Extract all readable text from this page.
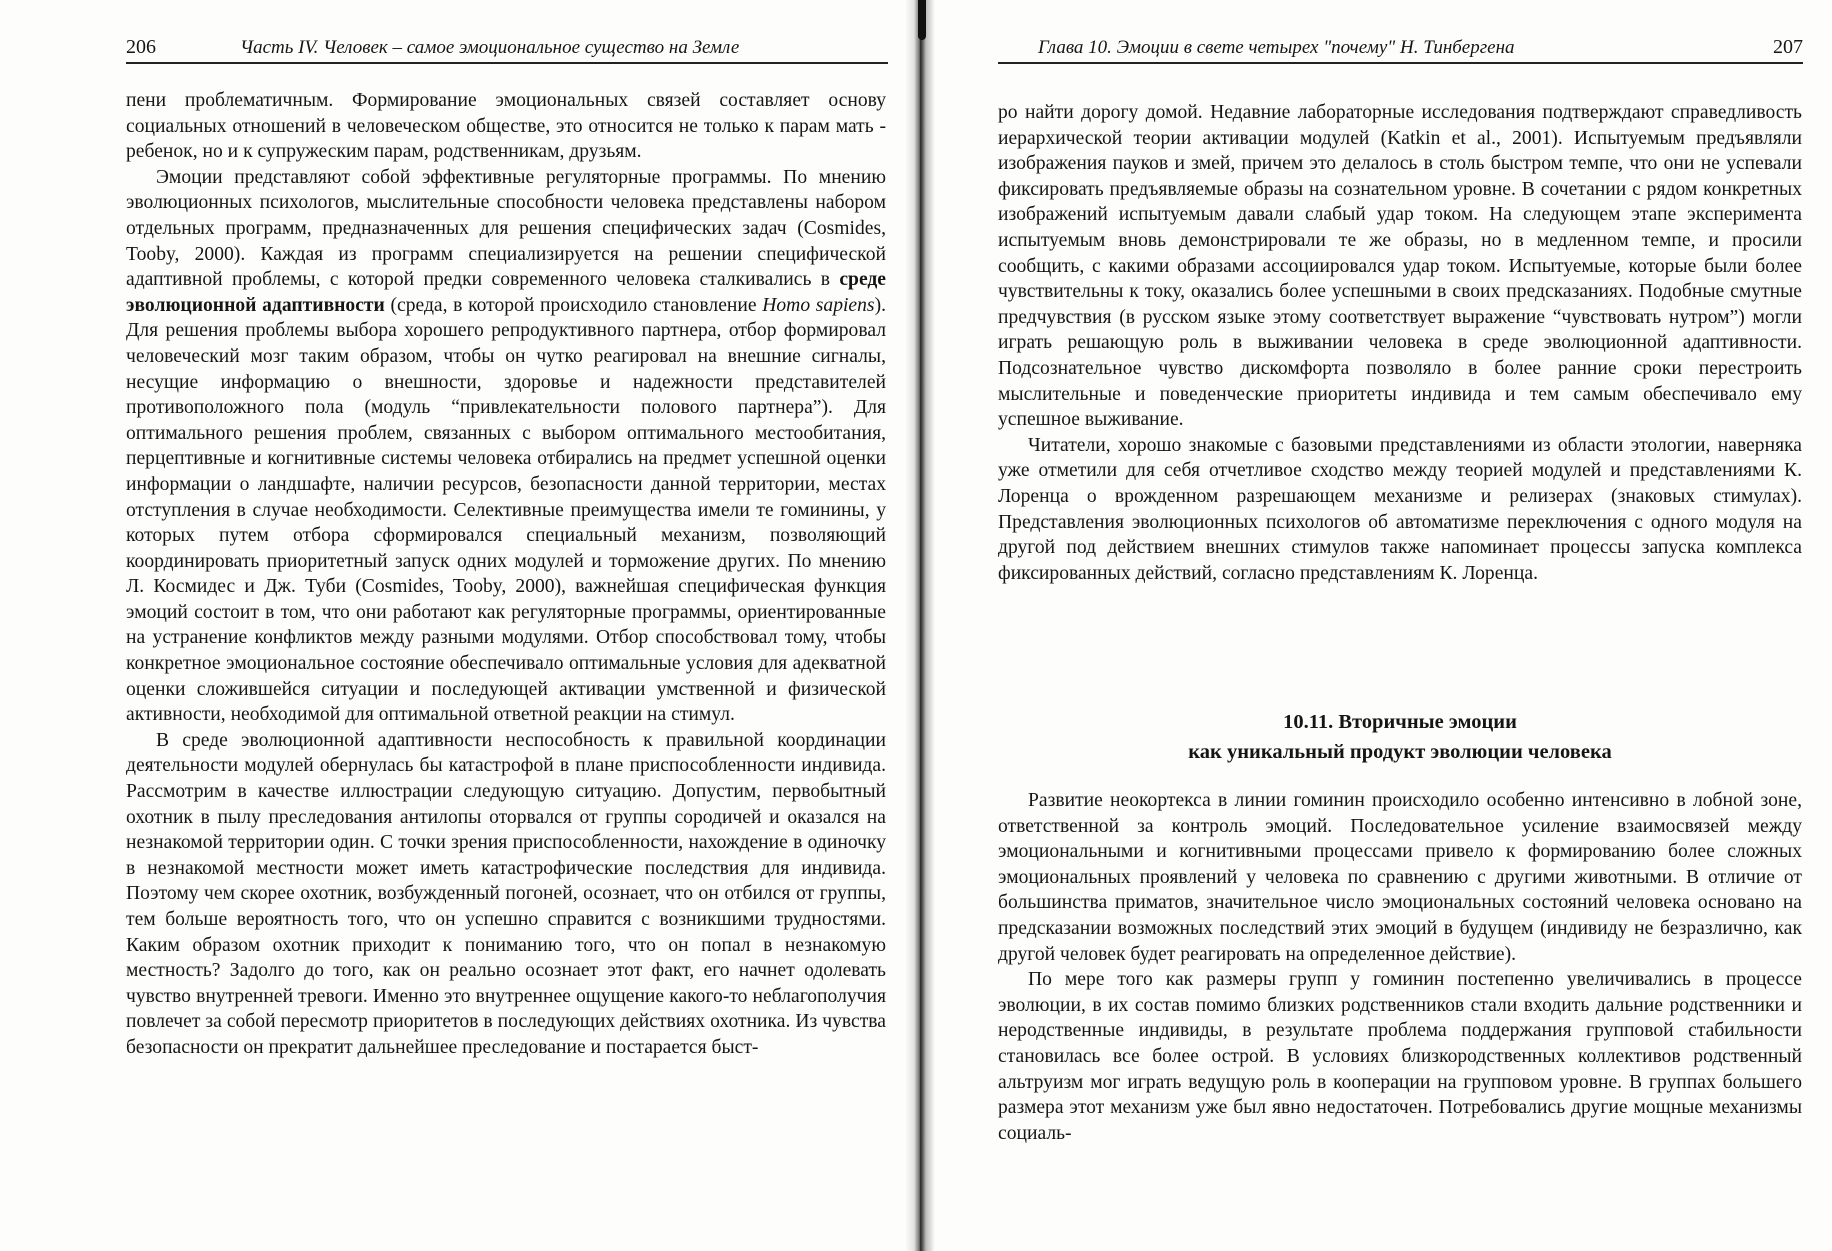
206	Часть IV. Человек – самое эмоциональное существо на Земле

пени проблематичным. Формирование эмоциональных связей составляет основу социальных отношений в человеческом обществе, это относится не только к парам мать - ребенок, но и к супружеским парам, родственникам, друзьям.

Эмоции представляют собой эффективные регуляторные программы. По мнению эволюционных психологов, мыслительные способности человека представлены набором отдельных программ, предназначенных для решения специфических задач (Cosmides, Tooby, 2000). Каждая из программ специализируется на решении специфической адаптивной проблемы, с которой предки современного человека сталкивались в среде эволюционной адаптивности (среда, в которой происходило становление Homo sapiens). Для решения проблемы выбора хорошего репродуктивного партнера, отбор формировал человеческий мозг таким образом, чтобы он чутко реагировал на внешние сигналы, несущие информацию о внешности, здоровье и надежности представителей противоположного пола (модуль “привлекательности полового партнера”). Для оптимального решения проблем, связанных с выбором оптимального местообитания, перцептивные и когнитивные системы человека отбирались на предмет успешной оценки информации о ландшафте, наличии ресурсов, безопасности данной территории, местах отступления в случае необходимости. Селективные преимущества имели те гоминины, у которых путем отбора сформировался специальный механизм, позволяющий координировать приоритетный запуск одних модулей и торможение других. По мнению Л. Космидес и Дж. Туби (Cosmides, Tooby, 2000), важнейшая специфическая функция эмоций состоит в том, что они работают как регуляторные программы, ориентированные на устранение конфликтов между разными модулями. Отбор способствовал тому, чтобы конкретное эмоциональное состояние обеспечивало оптимальные условия для адекватной оценки сложившейся ситуации и последующей активации умственной и физической активности, необходимой для оптимальной ответной реакции на стимул.

В среде эволюционной адаптивности неспособность к правильной координации деятельности модулей обернулась бы катастрофой в плане приспособленности индивида. Рассмотрим в качестве иллюстрации следующую ситуацию. Допустим, первобытный охотник в пылу преследования антилопы оторвался от группы сородичей и оказался на незнакомой территории один. С точки зрения приспособленности, нахождение в одиночку в незнакомой местности может иметь катастрофические последствия для индивида. Поэтому чем скорее охотник, возбужденный погоней, осознает, что он отбился от группы, тем больше вероятность того, что он успешно справится с возникшими трудностями. Каким образом охотник приходит к пониманию того, что он попал в незнакомую местность? Задолго до того, как он реально осознает этот факт, его начнет одолевать чувство внутренней тревоги. Именно это внутреннее ощущение какого-то неблагополучия повлечет за собой пересмотр приоритетов в последующих действиях охотника. Из чувства безопасности он прекратит дальнейшее преследование и постарается быст-

Глава 10. Эмоции в свете четырех "почему" Н. Тинбергена	207

ро найти дорогу домой. Недавние лабораторные исследования подтверждают справедливость иерархической теории активации модулей (Katkin et al., 2001). Испытуемым предъявляли изображения пауков и змей, причем это делалось в столь быстром темпе, что они не успевали фиксировать предъявляемые образы на сознательном уровне. В сочетании с рядом конкретных изображений испытуемым давали слабый удар током. На следующем этапе эксперимента испытуемым вновь демонстрировали те же образы, но в медленном темпе, и просили сообщить, с какими образами ассоциировался удар током. Испытуемые, которые были более чувствительны к току, оказались более успешными в своих предсказаниях. Подобные смутные предчувствия (в русском языке этому соответствует выражение “чувствовать нутром”) могли играть решающую роль в выживании человека в среде эволюционной адаптивности. Подсознательное чувство дискомфорта позволяло в более ранние сроки перестроить мыслительные и поведенческие приоритеты индивида и тем самым обеспечивало ему успешное выживание.

Читатели, хорошо знакомые с базовыми представлениями из области этологии, наверняка уже отметили для себя отчетливое сходство между теорией модулей и представлениями К. Лоренца о врожденном разрешающем механизме и релизерах (знаковых стимулах). Представления эволюционных психологов об автоматизме переключения с одного модуля на другой под действием внешних стимулов также напоминает процессы запуска комплекса фиксированных действий, согласно представлениям К. Лоренца.

10.11. Вторичные эмоции
как уникальный продукт эволюции человека

Развитие неокортекса в линии гоминин происходило особенно интенсивно в лобной зоне, ответственной за контроль эмоций. Последовательное усиление взаимосвязей между эмоциональными и когнитивными процессами привело к формированию более сложных эмоциональных проявлений у человека по сравнению с другими животными. В отличие от большинства приматов, значительное число эмоциональных состояний человека основано на предсказании возможных последствий этих эмоций в будущем (индивиду не безразлично, как другой человек будет реагировать на определенное действие).

По мере того как размеры групп у гоминин постепенно увеличивались в процессе эволюции, в их состав помимо близких родственников стали входить дальние родственники и неродственные индивиды, в результате проблема поддержания групповой стабильности становилась все более острой. В условиях близкородственных коллективов родственный альтруизм мог играть ведущую роль в кооперации на групповом уровне. В группах большего размера этот механизм уже был явно недостаточен. Потребовались другие мощные механизмы социаль-
